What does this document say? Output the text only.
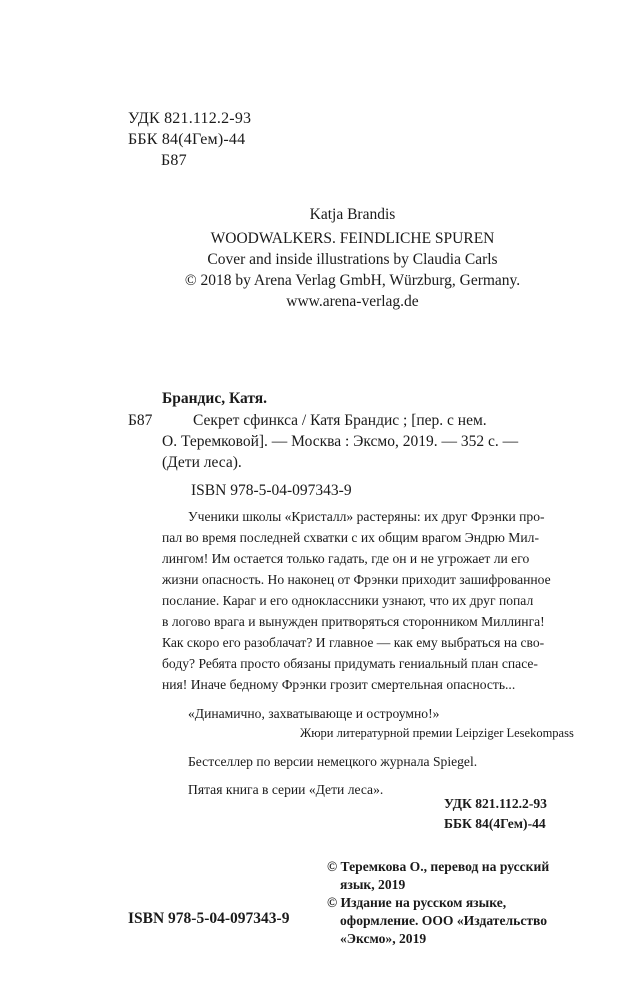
УДК 821.112.2-93
ББК 84(4Гем)-44
Б87
Katja Brandis
WOODWALKERS. FEINDLICHE SPUREN
Cover and inside illustrations by Claudia Carls
© 2018 by Arena Verlag GmbH, Würzburg, Germany.
www.arena-verlag.de
Брандис, Катя.
Б87	Секрет сфинкса / Катя Брандис ; [пер. с нем.
О. Теремковой]. — Москва : Эксмо, 2019. — 352 с. —
(Дети леса).
ISBN 978-5-04-097343-9
Ученики школы «Кристалл» растеряны: их друг Фрэнки про-
пал во время последней схватки с их общим врагом Эндрю Мил-
лингом! Им остается только гадать, где он и не угрожает ли его
жизни опасность. Но наконец от Фрэнки приходит зашифрованное
послание. Караг и его одноклассники узнают, что их друг попал
в логово врага и вынужден притворяться сторонником Миллинга!
Как скоро его разоблачат? И главное — как ему выбраться на сво-
боду? Ребята просто обязаны придумать гениальный план спасе-
ния! Иначе бедному Фрэнки грозит смертельная опасность...
«Динамично, захватывающе и остроумно!»
Жюри литературной премии Leipziger Lesekompass
Бестселлер по версии немецкого журнала Spiegel.
Пятая книга в серии «Дети леса».
УДК 821.112.2-93
ББК 84(4Гем)-44
© Теремкова О., перевод на русский
язык, 2019
© Издание на русском языке,
оформление. ООО «Издательство
«Эксмо», 2019
ISBN 978-5-04-097343-9
